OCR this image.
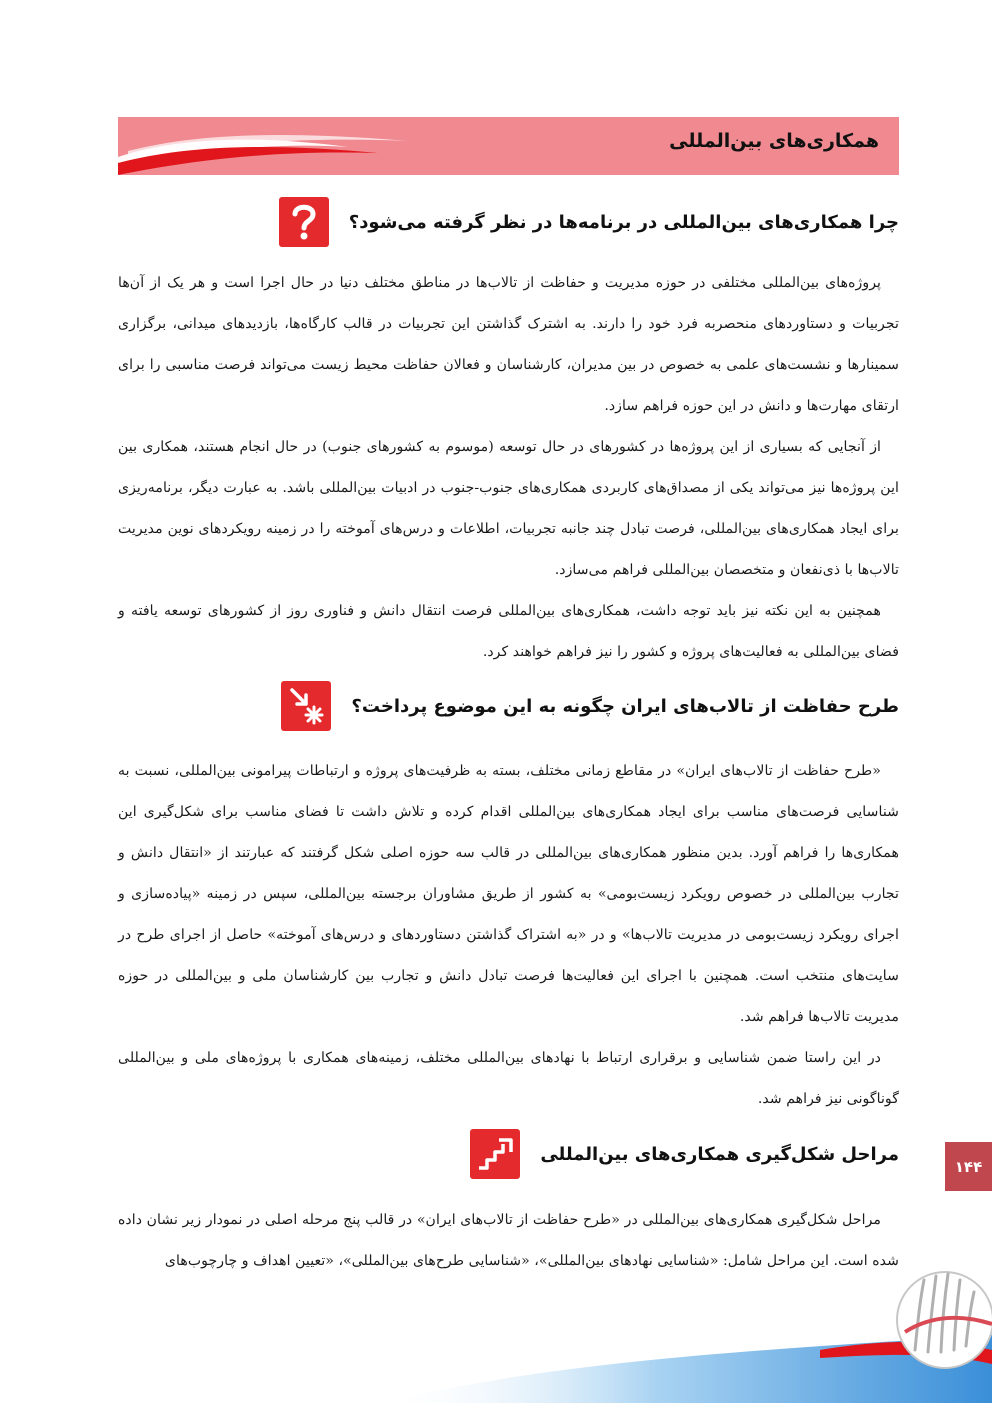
همکاری‌های بین‌المللی
چرا همکاری‌های بین‌المللی در برنامه‌ها در نظر گرفته می‌شود؟

پروژه‌های بین‌المللی مختلفی در حوزه مدیریت و حفاظت از تالاب‌ها در مناطق مختلف دنیا در حال اجرا است و هر یک از آن‌ها تجربیات و دستاوردهای منحصربه فرد خود را دارند. به اشترک گذاشتن این تجربیات در قالب کارگاه‌ها، بازدیدهای میدانی، برگزاری سمینارها و نشست‌های علمی به خصوص در بین مدیران، کارشناسان و فعالان حفاظت محیط زیست می‌تواند فرصت مناسبی را برای ارتقای مهارت‌ها و دانش در این حوزه فراهم سازد.

از آنجایی که بسیاری از این پروژه‌ها در کشورهای در حال توسعه (موسوم به کشورهای جنوب) در حال انجام هستند، همکاری بین این پروژه‌ها نیز می‌تواند یکی از مصداق‌های کاربردی همکاری‌های جنوب-جنوب در ادبیات بین‌المللی باشد. به عبارت دیگر، برنامه‌ریزی برای ایجاد همکاری‌های بین‌المللی، فرصت تبادل چند جانبه تجربیات، اطلاعات و درس‌های آموخته را در زمینه رویکردهای نوین مدیریت تالاب‌ها با ذی‌نفعان و متخصصان بین‌المللی فراهم می‌سازد.

همچنین به این نکته نیز باید توجه داشت، همکاری‌های بین‌المللی فرصت انتقال دانش و فناوری روز از کشورهای توسعه یافته و فضای بین‌المللی به فعالیت‌های پروژه و کشور را نیز فراهم خواهند کرد.

طرح حفاظت از تالاب‌های ایران چگونه به این موضوع پرداخت؟

«طرح حفاظت از تالاب‌های ایران» در مقاطع زمانی مختلف، بسته به ظرفیت‌های پروژه و ارتباطات پیرامونی بین‌المللی، نسبت به شناسایی فرصت‌های مناسب برای ایجاد همکاری‌های بین‌المللی اقدام کرده و تلاش داشت تا فضای مناسب برای شکل‌گیری این همکاری‌ها را فراهم آورد. بدین منظور همکاری‌های بین‌المللی در قالب سه حوزه اصلی شکل گرفتند که عبارتند از «انتقال دانش و تجارب بین‌المللی در خصوص رویکرد زیست‌بومی» به کشور از طریق مشاوران برجسته بین‌المللی، سپس در زمینه «پیاده‌سازی و اجرای رویکرد زیست‌بومی در مدیریت تالاب‌ها» و در «به اشتراک گذاشتن دستاوردهای و درس‌های آموخته» حاصل از اجرای طرح در سایت‌های منتخب است. همچنین با اجرای این فعالیت‌ها فرصت تبادل دانش و تجارب بین کارشناسان ملی و بین‌المللی در حوزه مدیریت تالاب‌ها فراهم شد.

در این راستا ضمن شناسایی و برقراری ارتباط با نهادهای بین‌المللی مختلف، زمینه‌های همکاری با پروژه‌های ملی و بین‌المللی گوناگونی نیز فراهم شد.

مراحل شکل‌گیری همکاری‌های بین‌المللی

مراحل شکل‌گیری همکاری‌های بین‌المللی در «طرح حفاظت از تالاب‌های ایران» در قالب پنج مرحله اصلی در نمودار زیر نشان داده شده است. این مراحل شامل: «شناسایی نهادهای بین‌المللی»، «شناسایی طرح‌های بین‌المللی»، «تعیین اهداف و چارچوب‌های

۱۴۴
